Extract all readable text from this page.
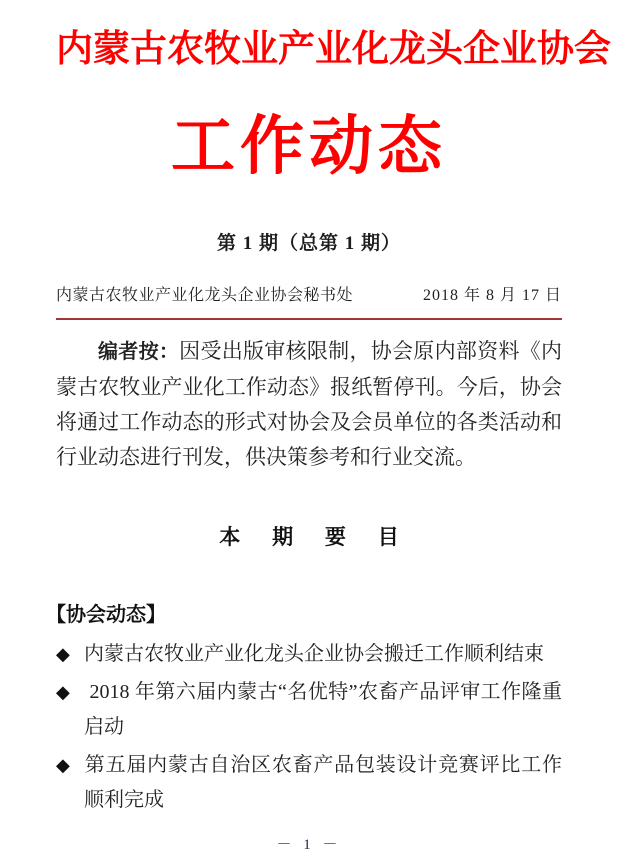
内蒙古农牧业产业化龙头企业协会
工作动态
第 1 期（总第 1 期）
内蒙古农牧业产业化龙头企业协会秘书处	2018 年 8 月 17 日

编者按：因受出版审核限制，协会原内部资料《内蒙古农牧业产业化工作动态》报纸暂停刊。今后，协会将通过工作动态的形式对协会及会员单位的各类活动和行业动态进行刊发，供决策参考和行业交流。

本 期 要 目
【协会动态】
◆ 内蒙古农牧业产业化龙头企业协会搬迁工作顺利结束
◆ 2018 年第六届内蒙古“名优特”农畜产品评审工作隆重启动
◆ 第五届内蒙古自治区农畜产品包装设计竞赛评比工作顺利完成
－ 1 －
